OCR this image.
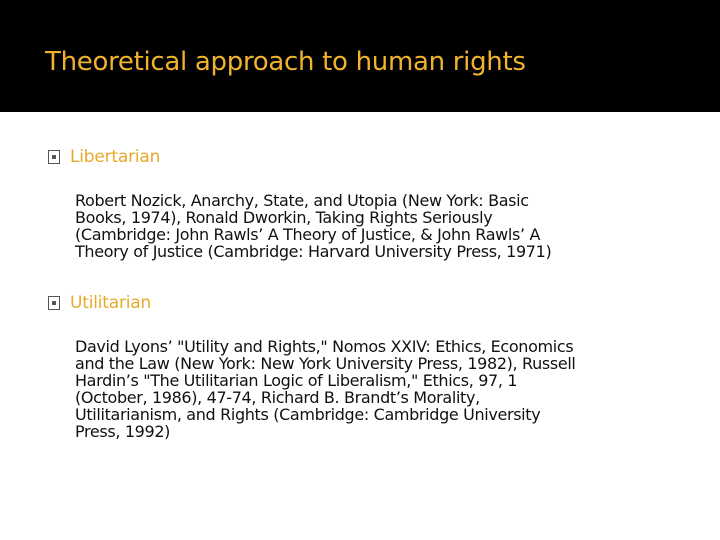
Theoretical approach to human rights
Libertarian

Robert Nozick, Anarchy, State, and Utopia (New York: Basic
Books, 1974), Ronald Dworkin, Taking Rights Seriously
(Cambridge: John Rawls’ A Theory of Justice, & John Rawls’ A
Theory of Justice (Cambridge: Harvard University Press, 1971)

Utilitarian

David Lyons’ "Utility and Rights," Nomos XXIV: Ethics, Economics
and the Law (New York: New York University Press, 1982), Russell
Hardin’s "The Utilitarian Logic of Liberalism," Ethics, 97, 1
(October, 1986), 47-74, Richard B. Brandt’s Morality,
Utilitarianism, and Rights (Cambridge: Cambridge University
Press, 1992)
